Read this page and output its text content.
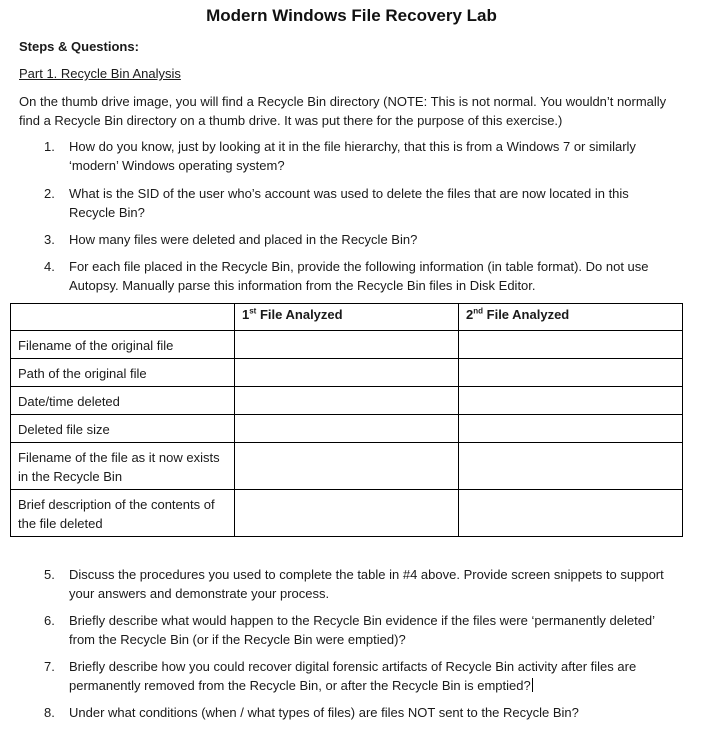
Modern Windows File Recovery Lab
Steps & Questions:
Part 1. Recycle Bin Analysis
On the thumb drive image, you will find a Recycle Bin directory (NOTE: This is not normal. You wouldn’t normally find a Recycle Bin directory on a thumb drive. It was put there for the purpose of this exercise.)
1.	How do you know, just by looking at it in the file hierarchy, that this is from a Windows 7 or similarly ‘modern’ Windows operating system?
2.	What is the SID of the user who’s account was used to delete the files that are now located in this Recycle Bin?
3.	How many files were deleted and placed in the Recycle Bin?
4.	For each file placed in the Recycle Bin, provide the following information (in table format). Do not use Autopsy. Manually parse this information from the Recycle Bin files in Disk Editor.
	1st File Analyzed	2nd File Analyzed
Filename of the original file		
Path of the original file		
Date/time deleted		
Deleted file size		
Filename of the file as it now exists in the Recycle Bin		
Brief description of the contents of the file deleted		
5.	Discuss the procedures you used to complete the table in #4 above. Provide screen snippets to support your answers and demonstrate your process.
6.	Briefly describe what would happen to the Recycle Bin evidence if the files were ‘permanently deleted’ from the Recycle Bin (or if the Recycle Bin were emptied)?
7.	Briefly describe how you could recover digital forensic artifacts of Recycle Bin activity after files are permanently removed from the Recycle Bin, or after the Recycle Bin is emptied?
8.	Under what conditions (when / what types of files) are files NOT sent to the Recycle Bin?
